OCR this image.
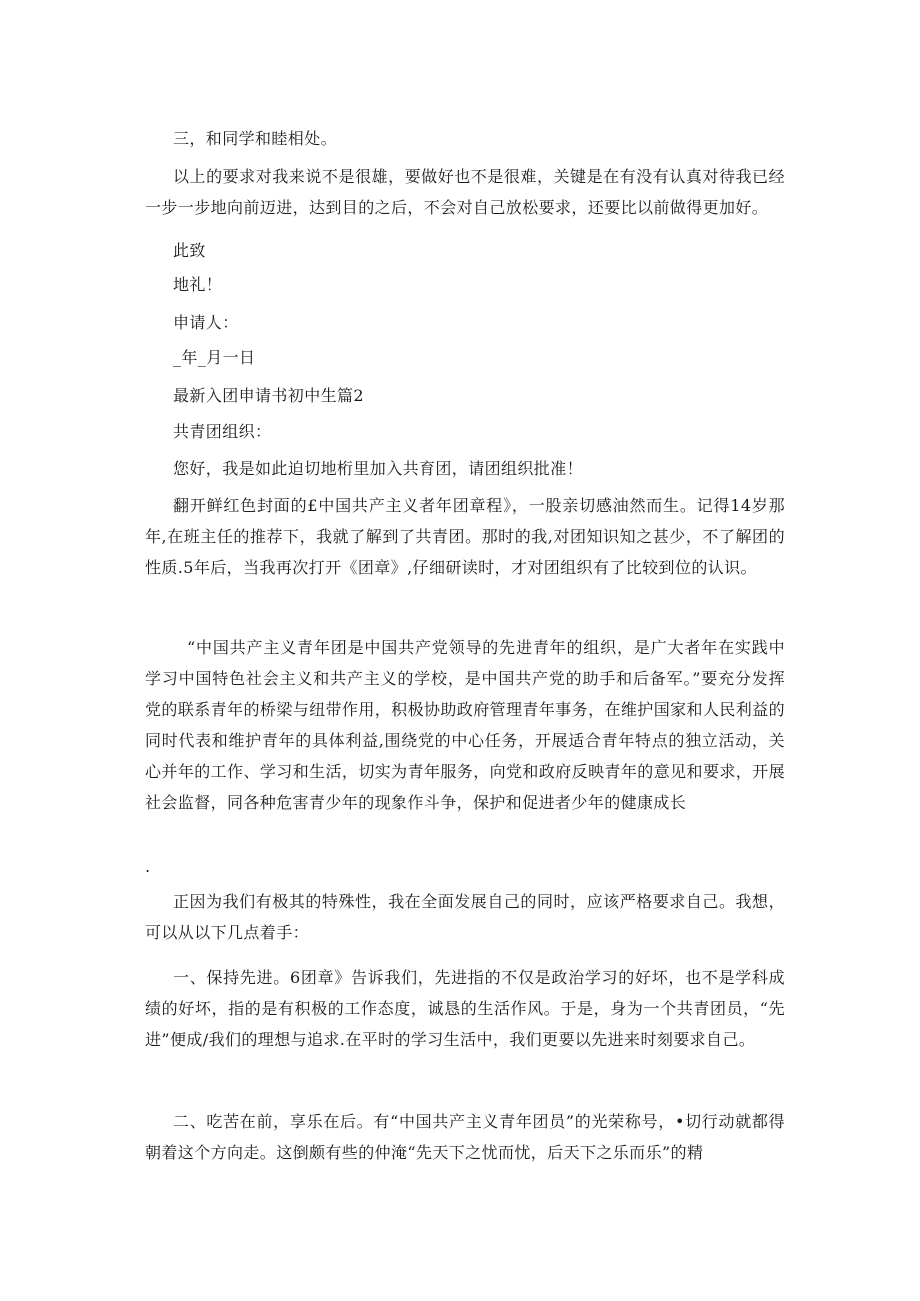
三，和同学和睦相处。

以上的要求对我来说不是很雄，要做好也不是很难，关键是在有没有认真对待我已经一步一步地向前迈进，达到目的之后，不会对自己放松要求，还要比以前做得更加好。

此致

地礼！

申请人：

_年_月一日

最新入团申请书初中生篇2

共青团组织：

您好，我是如此迫切地桁里加入共育团，请团组织批准！

翻开鲜红色封面的£中国共产主义者年团章程》，一股亲切感油然而生。记得14岁那年,在班主任的推荐下，我就了解到了共青团。那时的我,对团知识知之甚少，不了解团的性质.5年后，当我再次打开《团章》,仔细研读时，才对团组织有了比较到位的认识。

“中国共产主义青年团是中国共产党领导的先进青年的组织，是广大者年在实践中学习中国特色社会主义和共产主义的学校，是中国共产党的助手和后备军。”要充分发挥党的联系青年的桥梁与纽带作用，积极协助政府管理青年事务，在维护国家和人民利益的同时代表和维护青年的具体利益,围绕党的中心任务，开展适合青年特点的独立活动，关心并年的工作、学习和生活，切实为青年服务，向党和政府反映青年的意见和要求，开展社会监督，同各种危害青少年的现象作斗争，保护和促进者少年的健康成长

.

正因为我们有极其的特殊性，我在全面发展自己的同时，应该严格要求自己。我想，可以从以下几点着手：

一、保持先进。6团章》告诉我们，先进指的不仅是政治学习的好坏，也不是学科成绩的好坏，指的是有积极的工作态度，诚恳的生活作风。于是，身为一个共青团员，“先进”便成/我们的理想与追求.在平时的学习生活中，我们更要以先进来时刻要求自己。

二、吃苦在前，享乐在后。有“中国共产主义青年团员”的光荣称号，•切行动就都得朝着这个方向走。这倒颇有些的仲淹“先天下之忧而忧，后天下之乐而乐”的精
